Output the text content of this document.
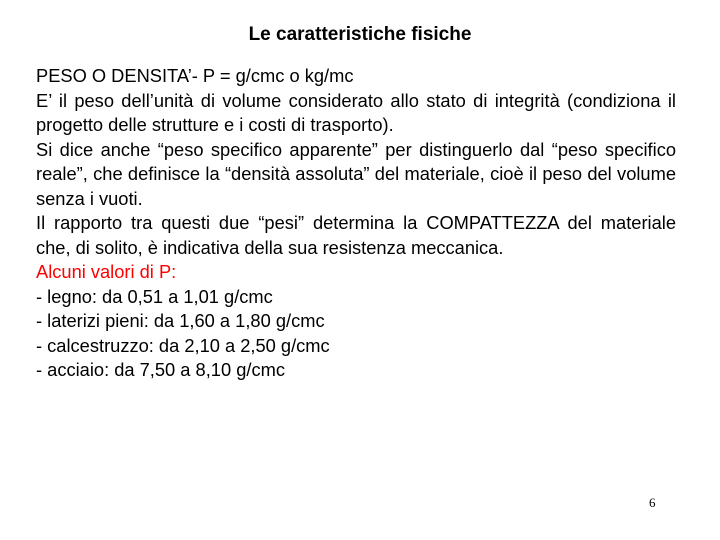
Le caratteristiche fisiche

PESO O DENSITA’- P = g/cmc o kg/mc

E’ il peso dell’unità di volume considerato allo stato di integrità (condiziona il progetto delle strutture e i costi di trasporto).

Si dice anche “peso specifico apparente” per distinguerlo dal “peso specifico reale”, che definisce la “densità assoluta” del materiale, cioè il peso del volume senza i vuoti.

Il rapporto tra questi due “pesi” determina la COMPATTEZZA del materiale che, di solito, è indicativa della sua resistenza meccanica.

Alcuni valori di P:

- legno: da 0,51 a 1,01 g/cmc

- laterizi pieni: da 1,60 a 1,80 g/cmc

- calcestruzzo: da 2,10 a 2,50 g/cmc

- acciaio: da 7,50 a 8,10 g/cmc

6
